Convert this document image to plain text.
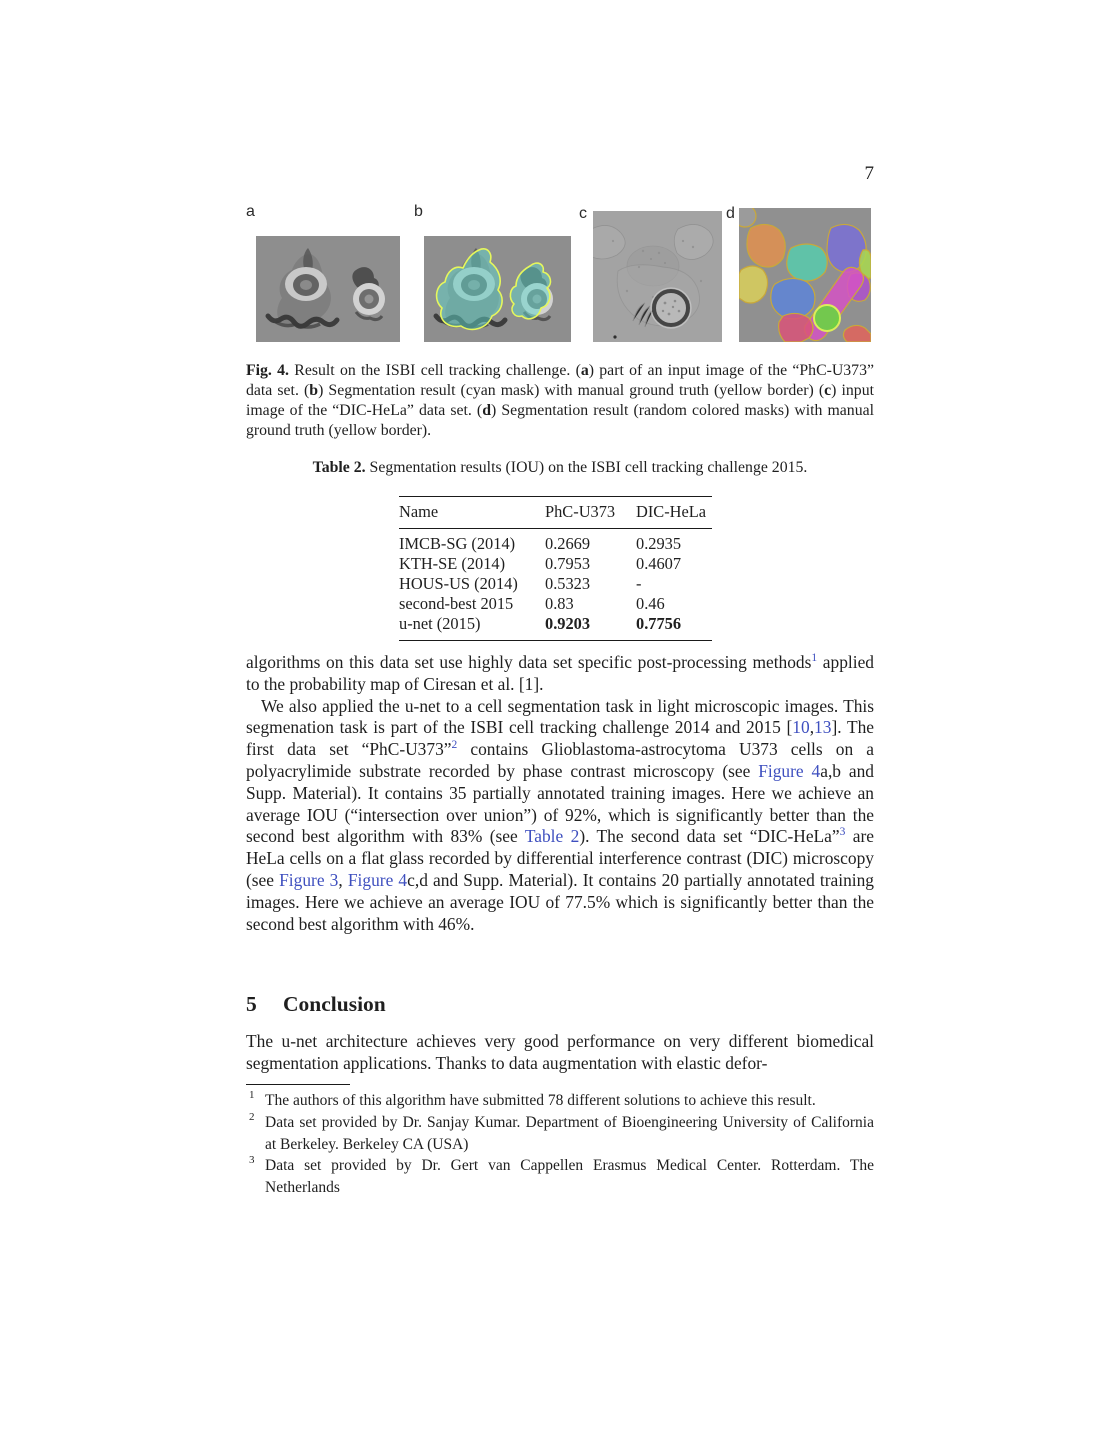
7
a	b	c	d
Fig. 4. Result on the ISBI cell tracking challenge. (a) part of an input image of the “PhC-U373” data set. (b) Segmentation result (cyan mask) with manual ground truth (yellow border) (c) input image of the “DIC-HeLa” data set. (d) Segmentation result (random colored masks) with manual ground truth (yellow border).
Table 2. Segmentation results (IOU) on the ISBI cell tracking challenge 2015.
Name	PhC-U373	DIC-HeLa
IMCB-SG (2014)	0.2669	0.2935
KTH-SE (2014)	0.7953	0.4607
HOUS-US (2014)	0.5323	-
second-best 2015	0.83	0.46
u-net (2015)	0.9203	0.7756
algorithms on this data set use highly data set specific post-processing methods$^1$ applied to the probability map of Ciresan et al. [1].
We also applied the u-net to a cell segmentation task in light microscopic images. This segmenation task is part of the ISBI cell tracking challenge 2014 and 2015 [10,13]. The first data set “PhC-U373”$^2$ contains Glioblastoma-astrocytoma U373 cells on a polyacrylimide substrate recorded by phase contrast microscopy (see Figure 4a,b and Supp. Material). It contains 35 partially annotated training images. Here we achieve an average IOU (“intersection over union”) of 92%, which is significantly better than the second best algorithm with 83% (see Table 2). The second data set “DIC-HeLa”$^3$ are HeLa cells on a flat glass recorded by differential interference contrast (DIC) microscopy (see Figure 3, Figure 4c,d and Supp. Material). It contains 20 partially annotated training images. Here we achieve an average IOU of 77.5% which is significantly better than the second best algorithm with 46%.
5 Conclusion
The u-net architecture achieves very good performance on very different biomedical segmentation applications. Thanks to data augmentation with elastic defor-
1 The authors of this algorithm have submitted 78 different solutions to achieve this result.
2 Data set provided by Dr. Sanjay Kumar. Department of Bioengineering University of California at Berkeley. Berkeley CA (USA)
3 Data set provided by Dr. Gert van Cappellen Erasmus Medical Center. Rotterdam. The Netherlands
